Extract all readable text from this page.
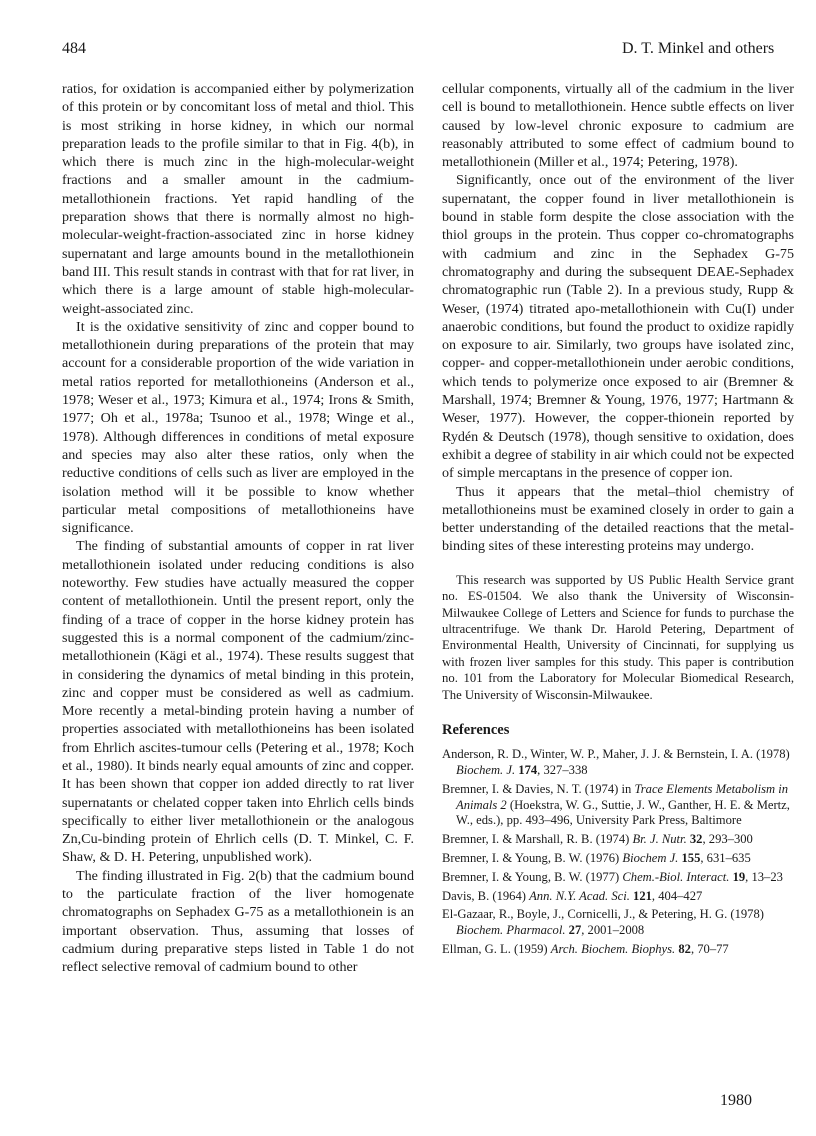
484	D. T. Minkel and others

ratios, for oxidation is accompanied either by polymerization of this protein or by concomitant loss of metal and thiol. This is most striking in horse kidney, in which our normal preparation leads to the profile similar to that in Fig. 4(b), in which there is much zinc in the high-molecular-weight fractions and a smaller amount in the cadmium-metallothionein fractions. Yet rapid handling of the preparation shows that there is normally almost no high-molecular-weight-fraction-associated zinc in horse kidney supernatant and large amounts bound in the metallothionein band III. This result stands in contrast with that for rat liver, in which there is a large amount of stable high-molecular-weight-associated zinc.

It is the oxidative sensitivity of zinc and copper bound to metallothionein during preparations of the protein that may account for a considerable proportion of the wide variation in metal ratios reported for metallothioneins (Anderson et al., 1978; Weser et al., 1973; Kimura et al., 1974; Irons & Smith, 1977; Oh et al., 1978a; Tsunoo et al., 1978; Winge et al., 1978). Although differences in conditions of metal exposure and species may also alter these ratios, only when the reductive conditions of cells such as liver are employed in the isolation method will it be possible to know whether particular metal compositions of metallothioneins have significance.

The finding of substantial amounts of copper in rat liver metallothionein isolated under reducing conditions is also noteworthy. Few studies have actually measured the copper content of metallothionein. Until the present report, only the finding of a trace of copper in the horse kidney protein has suggested this is a normal component of the cadmium/zinc-metallothionein (Kägi et al., 1974). These results suggest that in considering the dynamics of metal binding in this protein, zinc and copper must be considered as well as cadmium. More recently a metal-binding protein having a number of properties associated with metallothioneins has been isolated from Ehrlich ascites-tumour cells (Petering et al., 1978; Koch et al., 1980). It binds nearly equal amounts of zinc and copper. It has been shown that copper ion added directly to rat liver supernatants or chelated copper taken into Ehrlich cells binds specifically to either liver metallothionein or the analogous Zn,Cu-binding protein of Ehrlich cells (D. T. Minkel, C. F. Shaw, & D. H. Petering, unpublished work).

The finding illustrated in Fig. 2(b) that the cadmium bound to the particulate fraction of the liver homogenate chromatographs on Sephadex G-75 as a metallothionein is an important observation. Thus, assuming that losses of cadmium during preparative steps listed in Table 1 do not reflect selective removal of cadmium bound to other

cellular components, virtually all of the cadmium in the liver cell is bound to metallothionein. Hence subtle effects on liver caused by low-level chronic exposure to cadmium are reasonably attributed to some effect of cadmium bound to metallothionein (Miller et al., 1974; Petering, 1978).

Significantly, once out of the environment of the liver supernatant, the copper found in liver metallothionein is bound in stable form despite the close association with the thiol groups in the protein. Thus copper co-chromatographs with cadmium and zinc in the Sephadex G-75 chromatography and during the subsequent DEAE-Sephadex chromatographic run (Table 2). In a previous study, Rupp & Weser, (1974) titrated apo-metallothionein with Cu(I) under anaerobic conditions, but found the product to oxidize rapidly on exposure to air. Similarly, two groups have isolated zinc, copper- and copper-metallothionein under aerobic conditions, which tends to polymerize once exposed to air (Bremner & Marshall, 1974; Bremner & Young, 1976, 1977; Hartmann & Weser, 1977). However, the copper-thionein reported by Rydén & Deutsch (1978), though sensitive to oxidation, does exhibit a degree of stability in air which could not be expected of simple mercaptans in the presence of copper ion.

Thus it appears that the metal–thiol chemistry of metallothioneins must be examined closely in order to gain a better understanding of the detailed reactions that the metal-binding sites of these interesting proteins may undergo.

This research was supported by US Public Health Service grant no. ES-01504. We also thank the University of Wisconsin-Milwaukee College of Letters and Science for funds to purchase the ultracentrifuge. We thank Dr. Harold Petering, Department of Environmental Health, University of Cincinnati, for supplying us with frozen liver samples for this study. This paper is contribution no. 101 from the Laboratory for Molecular Biomedical Research, The University of Wisconsin-Milwaukee.

References
Anderson, R. D., Winter, W. P., Maher, J. J. & Bernstein, I. A. (1978) Biochem. J. 174, 327–338
Bremner, I. & Davies, N. T. (1974) in Trace Elements Metabolism in Animals 2 (Hoekstra, W. G., Suttie, J. W., Ganther, H. E. & Mertz, W., eds.), pp. 493–496, University Park Press, Baltimore
Bremner, I. & Marshall, R. B. (1974) Br. J. Nutr. 32, 293–300
Bremner, I. & Young, B. W. (1976) Biochem J. 155, 631–635
Bremner, I. & Young, B. W. (1977) Chem.-Biol. Interact. 19, 13–23
Davis, B. (1964) Ann. N.Y. Acad. Sci. 121, 404–427
El-Gazaar, R., Boyle, J., Cornicelli, J., & Petering, H. G. (1978) Biochem. Pharmacol. 27, 2001–2008
Ellman, G. L. (1959) Arch. Biochem. Biophys. 82, 70–77
1980
